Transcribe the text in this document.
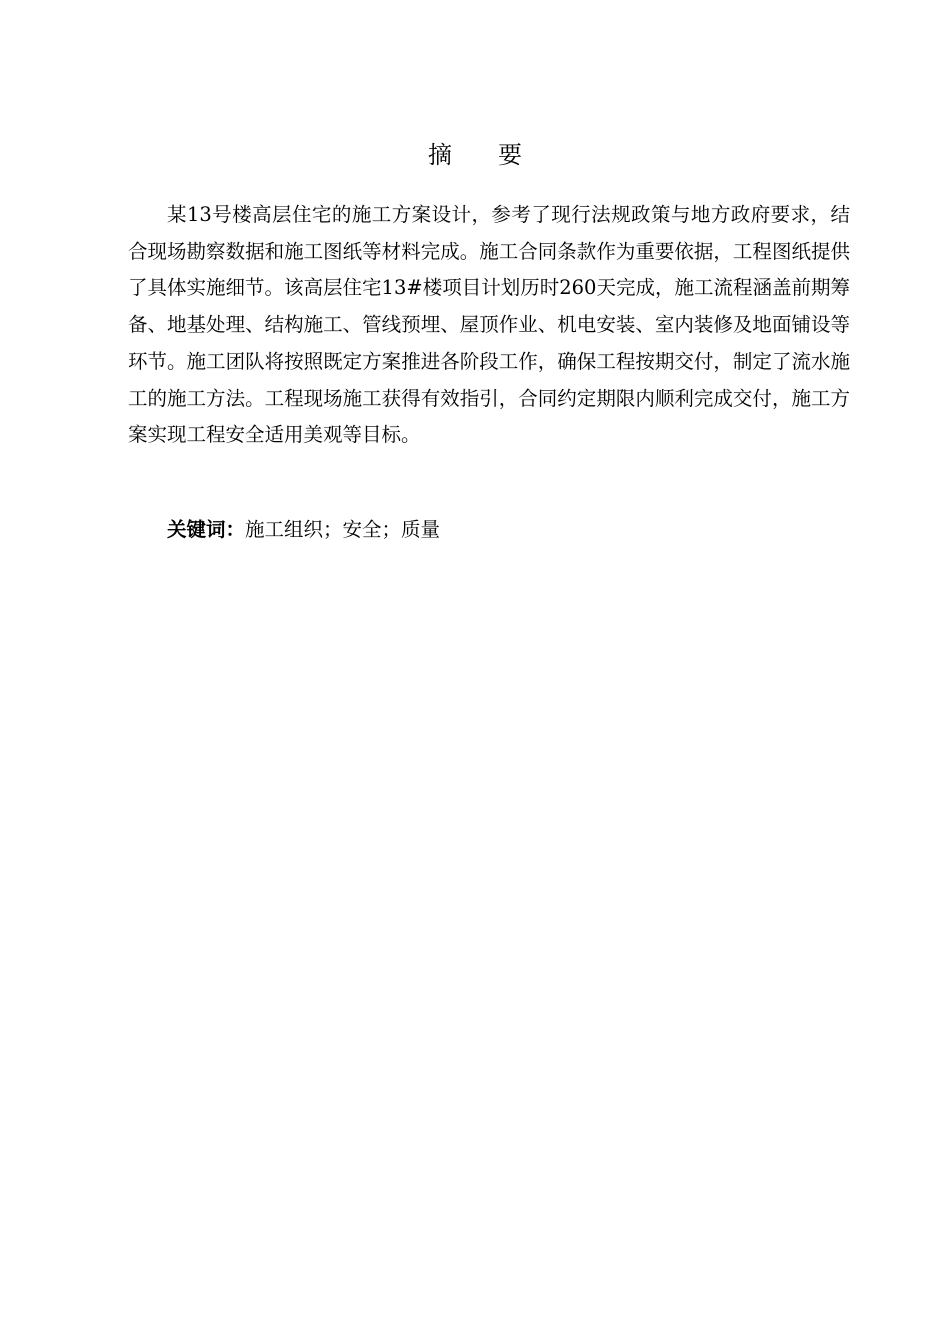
摘 要

某13号楼高层住宅的施工方案设计，参考了现行法规政策与地方政府要求，结合现场勘察数据和施工图纸等材料完成。施工合同条款作为重要依据，工程图纸提供了具体实施细节。该高层住宅13#楼项目计划历时260天完成，施工流程涵盖前期筹备、地基处理、结构施工、管线预埋、屋顶作业、机电安装、室内装修及地面铺设等环节。施工团队将按照既定方案推进各阶段工作，确保工程按期交付，制定了流水施工的施工方法。工程现场施工获得有效指引，合同约定期限内顺利完成交付，施工方案实现工程安全适用美观等目标。

关键词：施工组织；安全；质量
